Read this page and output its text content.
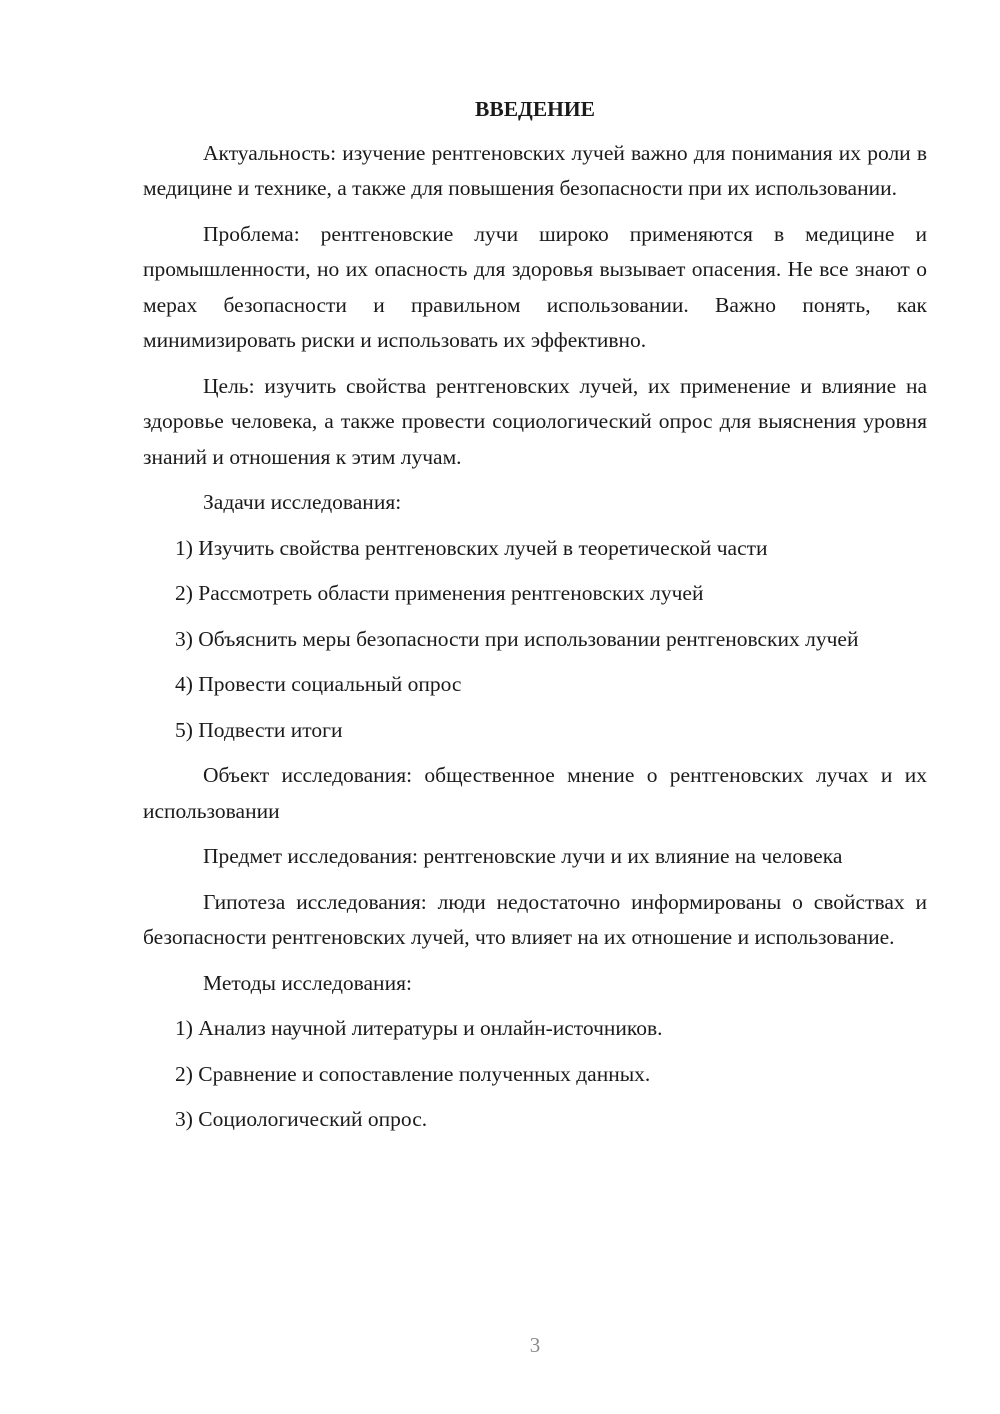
ВВЕДЕНИЕ

Актуальность: изучение рентгеновских лучей важно для понимания их роли в медицине и технике, а также для повышения безопасности при их использовании.

Проблема: рентгеновские лучи широко применяются в медицине и промышленности, но их опасность для здоровья вызывает опасения. Не все знают о мерах безопасности и правильном использовании. Важно понять, как минимизировать риски и использовать их эффективно.

Цель: изучить свойства рентгеновских лучей, их применение и влияние на здоровье человека, а также провести социологический опрос для выяснения уровня знаний и отношения к этим лучам.

Задачи исследования:

1) Изучить свойства рентгеновских лучей в теоретической части

2) Рассмотреть области применения рентгеновских лучей

3) Объяснить меры безопасности при использовании рентгеновских лучей

4) Провести социальный опрос

5) Подвести итоги

Объект исследования: общественное мнение о рентгеновских лучах и их использовании

Предмет исследования: рентгеновские лучи и их влияние на человека

Гипотеза исследования: люди недостаточно информированы о свойствах и безопасности рентгеновских лучей, что влияет на их отношение и использование.

Методы исследования:

1) Анализ научной литературы и онлайн-источников.

2) Сравнение и сопоставление полученных данных.

3) Социологический опрос.

3
